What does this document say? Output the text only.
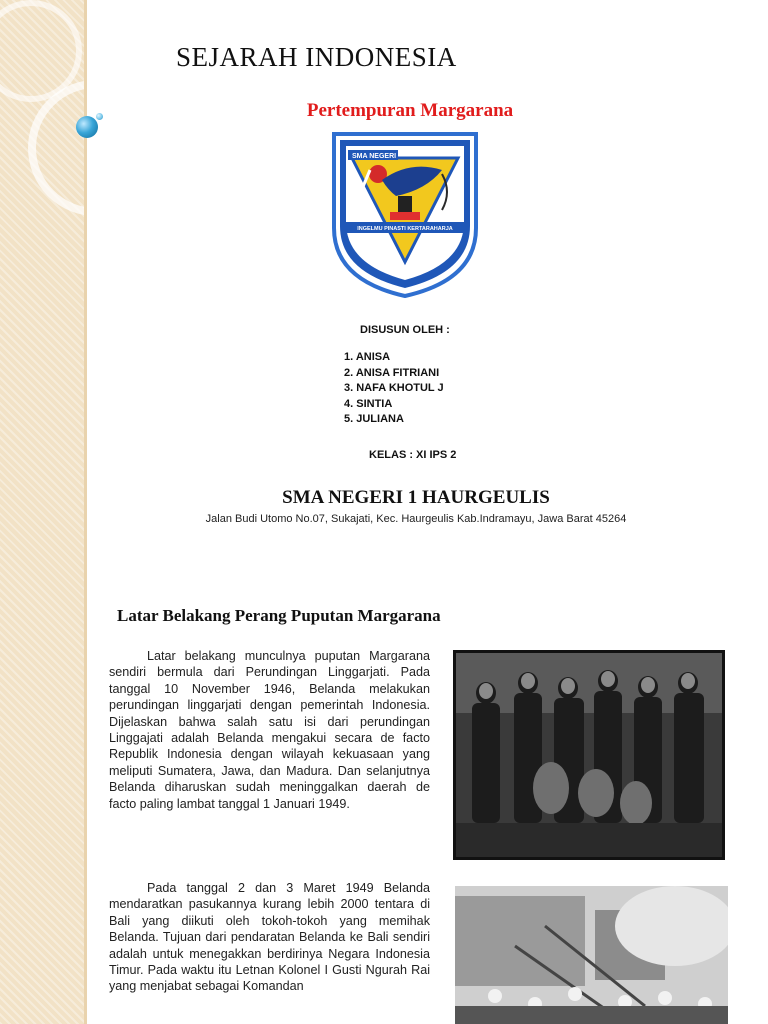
SEJARAH INDONESIA
Pertempuran Margarana
SMA NEGERI
INGELMU PINASTI KERTARAHARJA
DISUSUN OLEH :
1. ANISA
2. ANISA FITRIANI
3. NAFA KHOTUL J
4. SINTIA
5. JULIANA
KELAS : XI IPS 2
SMA NEGERI 1 HAURGEULIS
Jalan Budi Utomo No.07, Sukajati, Kec. Haurgeulis Kab.Indramayu, Jawa Barat 45264
Latar Belakang Perang Puputan Margarana

Latar belakang munculnya puputan Margarana sendiri bermula dari Perundingan Linggarjati. Pada tanggal 10 November 1946, Belanda melakukan perundingan linggarjati dengan pemerintah Indonesia. Dijelaskan bahwa salah satu isi dari perundingan Linggajati adalah Belanda mengakui secara de facto Republik Indonesia dengan wilayah kekuasaan yang meliputi Sumatera, Jawa, dan Madura. Dan selanjutnya Belanda diharuskan sudah meninggalkan daerah de facto paling lambat tanggal 1 Januari 1949.

Pada tanggal 2 dan 3 Maret 1949 Belanda mendaratkan pasukannya kurang lebih 2000 tentara di Bali yang diikuti oleh tokoh-tokoh yang memihak Belanda. Tujuan dari pendaratan Belanda ke Bali sendiri adalah untuk menegakkan berdirinya Negara Indonesia Timur. Pada waktu itu Letnan Kolonel I Gusti Ngurah Rai yang menjabat sebagai Komandan
